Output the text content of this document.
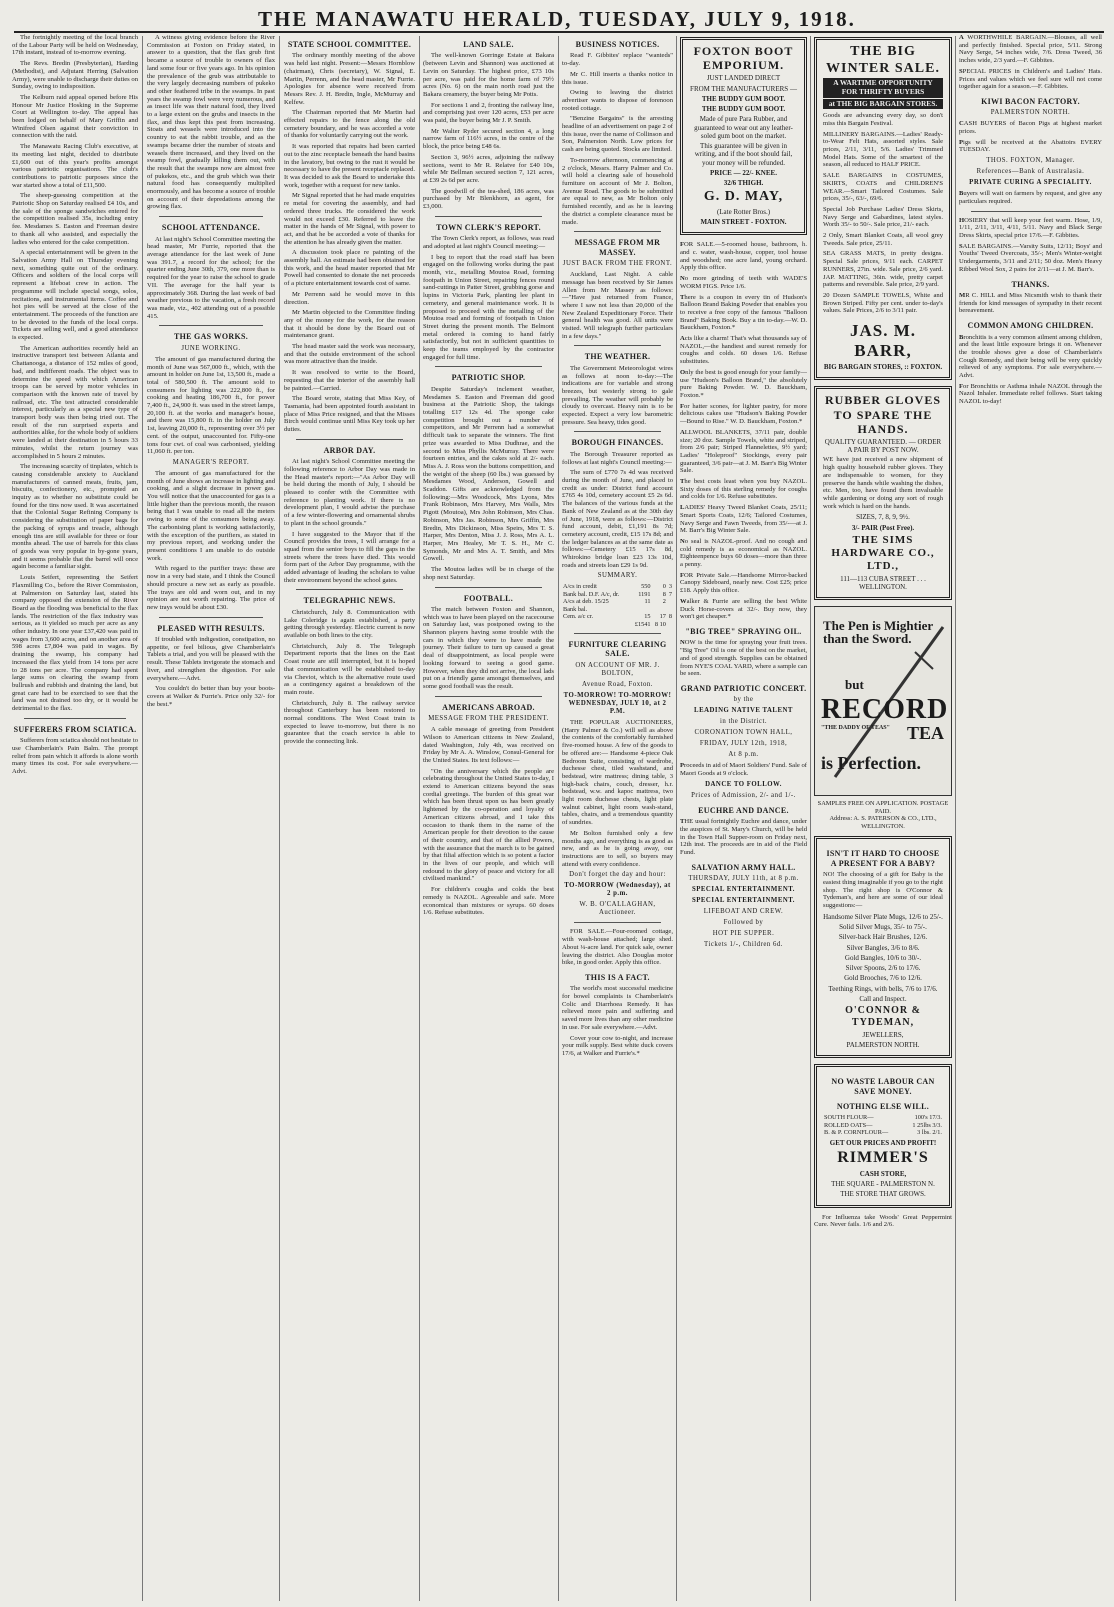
THE MANAWATU HERALD, TUESDAY, JULY 9, 1918.

The fortnightly meeting of the local branch of the Labour Party will be held on Wednesday, 17th instant, instead of to-morrow evening.

The Revs. Bredin (Presbyterian), Harding (Methodist), and Adjutant Herring (Salvation Army), were unable to discharge their duties on Sunday, owing to indisposition.

The Kelburn raid appeal opened before His Honour Mr Justice Hosking in the Supreme Court at Wellington to-day. The appeal has been lodged on behalf of Mary Griffin and Winifred Olsen against their conviction in connection with the raid.

The Manawatu Racing Club's executive, at its meeting last night, decided to distribute £1,600 out of this year's profits amongst various patriotic organisations. The club's contributions to patriotic purposes since the war started show a total of £11,500.

The sheep-guessing competition at the Patriotic Shop on Saturday realised £4 10s, and the sale of the sponge sandwiches entered for the competition realised 35s, including entry fee. Mesdames S. Easton and Freeman desire to thank all who assisted, and especially the ladies who entered for the cake competition.

A special entertainment will be given in the Salvation Army Hall on Thursday evening next, something quite out of the ordinary. Officers and soldiers of the local corps will represent a lifeboat crew in action. The programme will include special songs, solos, recitations, and instrumental items. Coffee and hot pies will be served at the close of the entertainment. The proceeds of the function are to be devoted to the funds of the local corps. Tickets are selling well, and a good attendance is expected.

The American authorities recently held an instructive transport test between Atlanta and Chattanooga, a distance of 152 miles of good, bad, and indifferent roads. The object was to determine the speed with which American troops can be served by motor vehicles in comparison with the known rate of travel by railroad, etc. The test attracted considerable interest, particularly as a special new type of transport body was then being tried out. The result of the run surprised experts and authorities alike, for the whole body of soldiers were landed at their destination in 5 hours 33 minutes, whilst the return journey was accomplished in 5 hours 2 minutes.

The increasing scarcity of tinplates, which is causing considerable anxiety to Auckland manufacturers of canned meats, fruits, jam, biscuits, confectionery, etc., prompted an inquiry as to whether no substitute could be found for the tins now used. It was ascertained that the Colonial Sugar Refining Company is considering the substitution of paper bags for the packing of syrups and treacle, although enough tins are still available for three or four months ahead. The use of barrels for this class of goods was very popular in by-gone years, and it seems probable that the barrel will once again become a familiar sight.

Louis Seifert, representing the Seifert Flaxmilling Co., before the River Commission, at Palmerston on Saturday last, stated his company opposed the extension of the River Board as the flooding was beneficial to the flax lands. The restriction of the flax industry was serious, as it yielded so much per acre as any other industry. In one year £37,420 was paid in wages from 3,600 acres, and on another area of 598 acres £7,804 was paid in wages. By draining the swamp, his company had increased the flax yield from 14 tons per acre to 28 tons per acre. The company had spent large sums on clearing the swamp from bullrush and rubbish and draining the land, but great care had to be exercised to see that the land was not drained too dry, or it would be detrimental to the flax.

SUFFERERS FROM SCIATICA.

Sufferers from sciatica should not hesitate to use Chamberlain's Pain Balm. The prompt relief from pain which it affords is alone worth many times its cost. For sale everywhere.—Advt.

A witness giving evidence before the River Commission at Foxton on Friday stated, in answer to a question, that the flax grub first became a source of trouble to owners of flax land some four or five years ago. In his opinion the prevalence of the grub was attributable to the very largely decreasing numbers of pukeko and other feathered tribe in the swamps. In past years the swamp fowl were very numerous, and as insect life was their natural food, they lived to a large extent on the grubs and insects in the flax, and thus kept this pest from increasing. Stoats and weasels were introduced into the country to eat the rabbit trouble, and as the swamps became drier the number of stoats and weasels there increased, and they lived on the swamp fowl, gradually killing them out, with the result that the swamps now are almost free of pukekos, etc., and the grub which was their natural food has consequently multiplied enormously, and has become a source of trouble on account of their depredations among the growing flax.

SCHOOL ATTENDANCE.

At last night's School Committee meeting the head master, Mr Furrie, reported that the average attendance for the last week of June was 391.7, a record for the school; for the quarter ending June 30th, 379, one more than is required for the year to raise the school to grade VII. The average for the half year is approximately 368. During the last week of bad weather previous to the vacation, a fresh record was made, viz., 402 attending out of a possible 415.

THE GAS WORKS.
JUNE WORKING.

The amount of gas manufactured during the month of June was 567,000 ft., which, with the amount in holder on June 1st, 13,500 ft., made a total of 580,500 ft. The amount sold to consumers for lighting was 222,800 ft., for cooking and heating 186,700 ft., for power 7,400 ft., 24,900 ft. was used in the street lamps, 20,100 ft. at the works and manager's house, and there was 15,800 ft. in the holder on July 1st, leaving 20,000 ft., representing over 3½ per cent. of the output, unaccounted for. Fifty-one tons four cwt. of coal was carbonised, yielding 11,060 ft. per ton.

MANAGER'S REPORT.

The amount of gas manufactured for the month of June shows an increase in lighting and cooking, and a slight decrease in power gas. You will notice that the unaccounted for gas is a little higher than the previous month, the reason being that I was unable to read all the meters owing to some of the consumers being away. The carbonising plant is working satisfactorily, with the exception of the purifiers, as stated in my previous report, and working under the present conditions I am unable to do outside work.

With regard to the purifier trays: these are now in a very bad state, and I think the Council should procure a new set as early as possible. The trays are old and worn out, and in my opinion are not worth repairing. The price of new trays would be about £30.

PLEASED WITH RESULTS.

If troubled with indigestion, constipation, no appetite, or feel bilious, give Chamberlain's Tablets a trial, and you will be pleased with the result. These Tablets invigorate the stomach and liver, and strengthen the digestion. For sale everywhere.—Advt.

You couldn't do better than buy your boots-covers at Walker & Furrie's. Price only 32/- for the best.*

STATE SCHOOL COMMITTEE.

The ordinary monthly meeting of the above was held last night. Present:—Messrs Hornblow (chairman), Chris (secretary), W. Signal, E. Martin, Perrenn, and the head master, Mr Furrie. Apologies for absence were received from Messrs Rev. J. H. Bredin, Ingle, McMurray and Kelfew.

The Chairman reported that Mr Martin had effected repairs to the fence along the old cemetery boundary, and he was accorded a vote of thanks for voluntarily carrying out the work.

It was reported that repairs had been carried out to the zinc receptacle beneath the hand basins in the lavatory, but owing to the rust it would be necessary to have the present receptacle replaced. It was decided to ask the Board to undertake this work, together with a request for new tanks.

Mr Signal reported that he had made enquiries re metal for covering the assembly, and had ordered three trucks. He considered the work would not exceed £30. Referred to leave the matter in the hands of Mr Signal, with power to act, and that he be accorded a vote of thanks for the attention he has already given the matter.

A discussion took place re painting of the assembly hall. An estimate had been obtained for this work, and the head master reported that Mr Powell had consented to donate the net proceeds of a picture entertainment towards cost of same.

Mr Perrenn said he would move in this direction.

Mr Martin objected to the Committee finding any of the money for the work, for the reason that it should be done by the Board out of maintenance grant.

The head master said the work was necessary, and that the outside environment of the school was more attractive than the inside.

It was resolved to write to the Board, requesting that the interior of the assembly hall be painted.—Carried.

The Board wrote, stating that Miss Key, of Tasmania, had been appointed fourth assistant in place of Miss Price resigned, and that the Misses Birch would continue until Miss Key took up her duties.

ARBOR DAY.

At last night's School Committee meeting the following reference to Arbor Day was made in the Head master's report:—"As Arbor Day will be held during the month of July, I should be pleased to confer with the Committee with reference to planting work. If there is no development plan, I would advise the purchase of a few winter-flowering and ornamental shrubs to plant in the school grounds."

I have suggested to the Mayor that if the Council provides the trees, I will arrange for a squad from the senior boys to fill the gaps in the streets where the trees have died. This would form part of the Arbor Day programme, with the added advantage of leading the scholars to value their environment beyond the school gates.

TELEGRAPHIC NEWS.

Christchurch, July 8. Communication with Lake Coleridge is again established, a party getting through yesterday. Electric current is now available on both lines to the city.

Christchurch, July 8. The Telegraph Department reports that the lines on the East Coast route are still interrupted, but it is hoped that communication will be established to-day via Cheviot, which is the alternative route used as a contingency against a breakdown of the main route.

Christchurch, July 8. The railway service throughout Canterbury has been restored to normal conditions. The West Coast train is expected to leave to-morrow, but there is no guarantee that the coach service is able to provide the connecting link.

LAND SALE.

The well-known Gorringe Estate at Bakara (between Levin and Shannon) was auctioned at Levin on Saturday. The highest price, £73 10s per acre, was paid for the home farm of 79½ acres (No. 6) on the main north road just the Bakara creamery, the buyer being Mr Potts.

For sections 1 and 2, fronting the railway line, and comprising just over 120 acres, £53 per acre was paid, the buyer being Mr J. P. Smith.

Mr Walter Ryder secured section 4, a long narrow farm of 116½ acres, in the centre of the block, the price being £48 6s.

Section 3, 96½ acres, adjoining the railway sections, went to Mr R. Relatve for £40 10s, while Mr Bellman secured section 7, 121 acres, at £39 2s 6d per acre.

The goodwill of the tea-shed, 186 acres, was purchased by Mr Blenkhorn, as agent, for £3,000.

TOWN CLERK'S REPORT.

The Town Clerk's report, as follows, was read and adopted at last night's Council meeting:—

I beg to report that the road staff has been engaged on the following works during the past month, viz., metalling Moutoa Road, forming footpath in Union Street, repairing fences round sand-cuttings in Patter Street, grubbing gorse and lupins in Victoria Park, planting lee plant in cemetery, and general maintenance work. It is proposed to proceed with the metalling of the Moutoa road and forming of footpath in Union Street during the present month. The Belmont metal ordered is coming to hand fairly satisfactorily, but not in sufficient quantities to keep the teams employed by the contractor engaged for full time.

PATRIOTIC SHOP.

Despite Saturday's inclement weather, Mesdames S. Easton and Freeman did good business at the Patriotic Shop, the takings totalling £17 12s 4d. The sponge cake competition brought out a number of competitors, and Mr Perrenn had a somewhat difficult task to separate the winners. The first prize was awarded to Miss Dudhrae, and the second to Miss Phyllis McMurray. There were fourteen entries, and the cakes sold at 2/- each. Miss A. J. Ross won the buttons competition, and the weight of the sheep (60 lbs.) was guessed by Mesdames Wood, Anderson, Gowell and Scaddon. Gifts are acknowledged from the following:—Mrs Woodcock, Mrs Lyons, Mrs Frank Robinson, Mrs Harvey, Mrs Walls, Mrs Pigott (Moutoa), Mrs John Robinson, Mrs Chas. Robinson, Mrs Jas. Robinson, Mrs Griffin, Mrs Bredin, Mrs Dickinson, Miss Speirs, Mrs T. S. Harper, Mrs Denton, Miss J. J. Ross, Mrs A. L. Harper, Mrs Healey, Mr T. S. H., Mr C. Symonds, Mr and Mrs A. T. Smith, and Mrs Gowell.

The Moutoa ladies will be in charge of the shop next Saturday.

FOOTBALL.

The match between Foxton and Shannon, which was to have been played on the racecourse on Saturday last, was postponed owing to the Shannon players having some trouble with the cars in which they were to have made the journey. Their failure to turn up caused a great deal of disappointment, as local people were looking forward to seeing a good game. However, when they did not arrive, the local lads put on a friendly game amongst themselves, and some good football was the result.

AMERICANS ABROAD.
MESSAGE FROM THE PRESIDENT.

A cable message of greeting from President Wilson to American citizens in New Zealand, dated Washington, July 4th, was received on Friday by Mr A. A. Winslow, Consul-General for the United States. Its text follows:—

"On the anniversary which the people are celebrating throughout the United States to-day, I extend to American citizens beyond the seas cordial greetings. The burden of this great war which has been thrust upon us has been greatly lightened by the co-operation and loyalty of American citizens abroad, and I take this occasion to thank them in the name of the American people for their devotion to the cause of their country, and that of the allied Powers, with the assurance that the march is to be gained by that filial affection which is so potent a factor in the lives of our people, and which will redound to the glory of peace and victory for all civilised mankind."

For children's coughs and colds the best remedy is NAZOL. Agreeable and safe. More economical than mixtures or syrups. 60 doses 1/6. Refuse substitutes.

BUSINESS NOTICES.

Read F. Gibbites' replace "wanteds" to-day.

Mr C. Hill inserts a thanks notice in this issue.

Owing to leaving the district advertiser wants to dispose of forenoon rooted cottage.

"Benzine Bargains" is the arresting headline of an advertisement on page 2 of this issue, over the name of Collinson and Son, Palmerston North. Low prices for cash are being quoted. Stocks are limited.

To-morrow afternoon, commencing at 2 o'clock, Messrs. Harry Palmer and Co. will hold a clearing sale of household furniture on account of Mr J. Bolton, Avenue Road. The goods to be submitted are equal to new, as Mr Bolton only furnished recently, and as he is leaving the district a complete clearance must be made.

MESSAGE FROM MR MASSEY.
JUST BACK FROM THE FRONT.

Auckland, Last Night. A cable message has been received by Sir James Allen from Mr Massey as follows:—"Have just returned from France, where I saw not less than 20,000 of the New Zealand Expeditionary Force. Their general health was good. All units were visited. Will telegraph further particulars in a few days."

THE WEATHER.

The Government Meteorologist wires as follows at noon to-day:—The indications are for variable and strong breezes, but westerly strong to gale prevailing. The weather will probably be cloudy to overcast. Heavy rain is to be expected. Expect a very low barometric pressure. Sea heavy, tides good.

BOROUGH FINANCES.

The Borough Treasurer reported as follows at last night's Council meeting:—

The sum of £770 7s 4d was received during the month of June, and placed to credit as under: District fund account £765 4s 10d, cemetery account £5 2s 6d. The balances of the various funds at the Bank of New Zealand as at the 30th day of June, 1918, were as follows:—District fund account, debit, £1,191 8s 7d; cemetery account, credit, £15 17s 8d; and the ledger balances as at the same date as follows:—Cemetery £15 17s 8d, Whirokino bridge loan £23 13s 10d, roads and streets loan £29 1s 9d.

SUMMARY.
A/cs in credit	550	0	3
Bank bal. D.F. A/c, dr.	1191	8	7
A/cs at deb. 15/25	11	2	
Bank bal.			
Cem. a/c cr.	15	17	8
	£1541	8 10	
FURNITURE CLEARING SALE.
ON ACCOUNT OF MR. J. BOLTON,
Avenue Road, Foxton.
TO-MORROW! TO-MORROW! WEDNESDAY, JULY 10, at 2 P.M.

THE POPULAR AUCTIONEERS, (Harry Palmer & Co.) will sell as above the contents of the comfortably furnished five-roomed house. A few of the goods to be offered are:— Handsome 4-piece Oak Bedroom Suite, consisting of wardrobe, duchesse chest, tiled washstand, and bedstead, wire mattress; dining table, 3 high-back chairs, couch, dresser, h.r. bedstead, w.w. and kapoc mattress, two light room duchesse chests, light plate walnut cabinet, light room wash-stand, tables, chairs, and a tremendous quantity of sundries.

Mr Bolton furnished only a few months ago, and everything is as good as new, and as he is going away, our instructions are to sell, so buyers may attend with every confidence.

Don't forget the day and hour:
TO-MORROW (Wednesday), at 2 p.m.
W. B. O'CALLAGHAN, Auctioneer.

FOR SALE.—Four-roomed cottage, with wash-house attached; large shed. About ¼-acre land. For quick sale, owner leaving the district. Also Douglas motor bike, in good order. Apply this office.

THIS IS A FACT.

The world's most successful medicine for bowel complaints is Chamberlain's Colic and Diarrhoea Remedy. It has relieved more pain and suffering and saved more lives than any other medicine in use. For sale everywhere.—Advt.

Cover your cow to-night, and increase your milk supply. Best white duck covers 17/6, at Walker and Furrie's.*

FOXTON BOOT EMPORIUM.
JUST LANDED DIRECT
FROM THE MANUFACTURERS —
THE BUDDY GUM BOOT.
THE BUDDY GUM BOOT.
Made of pure Para Rubber, and guaranteed to wear out any leather-soled gum boot on the market.
This guarantee will be given in writing, and if the boot should fail, your money will be refunded.
PRICE — 22/- KNEE.
32/6 THIGH.
G. D. MAY,
(Late Rotter Bros.)
MAIN STREET - FOXTON.

FOR SALE.—5-roomed house, bathroom, h. and c. water, wash-house, copper, tool house and woodshed; one acre land, young orchard. Apply this office.

No more grinding of teeth with WADE'S WORM FIGS. Price 1/6.

There is a coupon in every tin of Hudson's Balloon Brand Baking Powder that enables you to receive a free copy of the famous "Balloon Brand" Baking Book. Buy a tin to-day.—W. D. Bauckham, Foxton.*

Acts like a charm! That's what thousands say of NAZOL,—the handiest and surest remedy for coughs and colds. 60 doses 1/6. Refuse substitutes.

Only the best is good enough for your family—use "Hudson's Balloon Brand," the absolutely pure Baking Powder. W. D. Bauckham, Foxton.*

For hatter scones, for lighter pastry, for more delicious cakes use "Hudson's Baking Powder—Bound to Rise." W. D. Bauckham, Foxton.*

ALLWOOL BLANKETS, 37/11 pair, double size; 20 doz. Sample Towels, white and striped, from 2/6 pair; Striped Flannelettes, 9½ yard; Ladies' "Holeproof" Stockings, every pair guaranteed, 3/6 pair—at J. M. Barr's Big Winter Sale.

The best costs least when you buy NAZOL. Sixty doses of this sterling remedy for coughs and colds for 1/6. Refuse substitutes.

LADIES' Heavy Tweed Blanket Coats, 25/11; Smart Sports Coats, 12/6; Tailored Costumes, Navy Serge and Fawn Tweeds, from 35/-—at J. M. Barr's Big Winter Sale.

No seal is NAZOL-proof. And no cough and cold remedy is as economical as NAZOL. Eighteenpence buys 60 doses—more than three a penny.

FOR Private Sale.—Handsome Mirror-backed Canopy Sideboard, nearly new. Cost £25; price £18. Apply this office.

Walker & Furrie are selling the best White Duck Horse-covers at 32/-. Buy now, they won't get cheaper.*

"BIG TREE" SPRAYING OIL.

NOW is the time for spraying your fruit trees. "Big Tree" Oil is one of the best on the market, and of good strength. Supplies can be obtained from NYE'S COAL YARD, where a sample can be seen.

GRAND PATRIOTIC CONCERT.
by the
LEADING NATIVE TALENT
in the District.
CORONATION TOWN HALL,
FRIDAY, JULY 12th, 1918,
At 8 p.m.

Proceeds in aid of Maori Soldiers' Fund. Sale of Maori Goods at 9 o'clock.

DANCE TO FOLLOW.
Prices of Admission, 2/- and 1/-.
EUCHRE AND DANCE.

THE usual fortnightly Euchre and dance, under the auspices of St. Mary's Church, will be held in the Town Hall Supper-room on Friday next, 12th inst. The proceeds are in aid of the Field Fund.

SALVATION ARMY HALL.
THURSDAY, JULY 11th, at 8 p.m.
SPECIAL ENTERTAINMENT.
SPECIAL ENTERTAINMENT.
LIFEBOAT AND CREW.
Followed by
HOT PIE SUPPER.
Tickets 1/-, Children 6d.
THE BIG WINTER SALE.
A WARTIME OPPORTUNITY FOR THRIFTY BUYERS
at THE BIG BARGAIN STORES.

Goods are advancing every day, so don't miss this Bargain Festival.

MILLINERY BARGAINS.—Ladies' Ready-to-Wear Felt Hats, assorted styles. Sale prices, 2/11, 3/11, 5/6. Ladies' Trimmed Model Hats. Some of the smartest of the season, all reduced to HALF PRICE.

SALE BARGAINS in COSTUMES, SKIRTS, COATS and CHILDREN'S WEAR.—Smart Tailored Costumes. Sale prices, 35/-, 63/-, 69/6.

Special Job Purchase Ladies' Dress Skirts, Navy Serge and Gabardines, latest styles. Worth 35/- to 50/-. Sale price, 21/- each.

2 Only, Smart Blanket Coats, all wool grey Tweeds. Sale price, 25/11.

SEA GRASS MATS, in pretty designs. Special Sale prices, 9/11 each. CARPET RUNNERS, 27in. wide. Sale price, 2/6 yard. JAP. MATTING, 36in. wide, pretty carpet patterns and reversible. Sale price, 2/9 yard.

20 Dozen SAMPLE TOWELS, White and Brown Striped. Fifty per cent. under to-day's values. Sale Prices, 2/6 to 3/11 pair.

JAS. M. BARR,
BIG BARGAIN STORES, :: FOXTON.
RUBBER GLOVES TO SPARE THE HANDS.
QUALITY GUARANTEED. — ORDER A PAIR BY POST NOW.

WE have just received a new shipment of high quality household rubber gloves. They are indispensable to women, for they preserve the hands while washing the dishes, etc. Men, too, have found them invaluable while gardening or doing any sort of rough work which is hard on the hands.

SIZES, 7, 8, 9, 9½.
3/- PAIR (Post Free).
THE SIMS HARDWARE CO., LTD.,
111—113 CUBA STREET . . . WELLINGTON.
The Pen is Mightier than the Sword.
but
RECORD
"THE DADDY OF TEAS" TEA
is Perfection.
SAMPLES FREE ON APPLICATION. POSTAGE PAID.
Address: A. S. PATERSON & CO., LTD., WELLINGTON.
ISN'T IT HARD TO CHOOSE A PRESENT FOR A BABY?

NO! The choosing of a gift for Baby is the easiest thing imaginable if you go to the right shop. The right shop is O'Connor & Tydeman's, and here are some of our ideal suggestions:—

Handsome Silver Plate Mugs, 12/6 to 25/-.
Solid Silver Mugs, 35/- to 75/-.
Silver-back Hair Brushes, 12/6.
Silver Bangles, 3/6 to 8/6.
Gold Bangles, 10/6 to 30/-.
Silver Spoons, 2/6 to 17/6.
Gold Brooches, 7/6 to 12/6.
Teething Rings, with bells, 7/6 to 17/6.
Call and Inspect.
O'CONNOR & TYDEMAN,
JEWELLERS,
PALMERSTON NORTH.
NO WASTE LABOUR CAN SAVE MONEY.
NOTHING ELSE WILL.
SOUTH FLOUR—	100's 17/3.
ROLLED OATS—	1 25lbs 3/3.
B. & P. CORNFLOUR—	3 lbs. 2/1.
GET OUR PRICES AND PROFIT!
RIMMER'S
CASH STORE,
THE SQUARE - PALMERSTON N.
THE STORE THAT GROWS.

For Influenza take Woods' Great Peppermint Cure. Never fails. 1/6 and 2/6.

A WORTHWHILE BARGAIN.—Blouses, all well and perfectly finished. Special price, 5/11. Strong Navy Serge, 54 inches wide, 7/6. Dress Tweed, 36 inches wide, 2/3 yard.—F. Gibbites.

SPECIAL PRICES in Children's and Ladies' Hats. Prices and values which we feel sure will not come together again for a season.—F. Gibbites.

KIWI BACON FACTORY.
PALMERSTON NORTH.

CASH BUYERS of Bacon Pigs at highest market prices.

Pigs will be received at the Abattoirs EVERY TUESDAY.

THOS. FOXTON, Manager.
References—Bank of Australasia.
PRIVATE CURING A SPECIALITY.

Buyers will wait on farmers by request, and give any particulars required.

HOSIERY that will keep your feet warm. Hose, 1/9, 1/11, 2/11, 3/11, 4/11, 5/11. Navy and Black Serge Dress Skirts, special price 17/6.—F. Gibbites.

SALE BARGAINS.—Varsity Suits, 12/11; Boys' and Youths' Tweed Overcoats, 35/-; Men's Winter-weight Undergarments, 3/11 and 2/11; 50 doz. Men's Heavy Ribbed Wool Sox, 2 pairs for 2/11—at J. M. Barr's.

THANKS.

MR C. HILL and Miss Nicsmith wish to thank their friends for kind messages of sympathy in their recent bereavement.

COMMON AMONG CHILDREN.

Bronchitis is a very common ailment among children, and the least little exposure brings it on. Whenever the trouble shows give a dose of Chamberlain's Cough Remedy, and their being will be very quickly relieved of any symptoms. For sale everywhere.—Advt.

For Bronchitis or Asthma inhale NAZOL through the Nazol Inhaler. Immediate relief follows. Start taking NAZOL to-day!
